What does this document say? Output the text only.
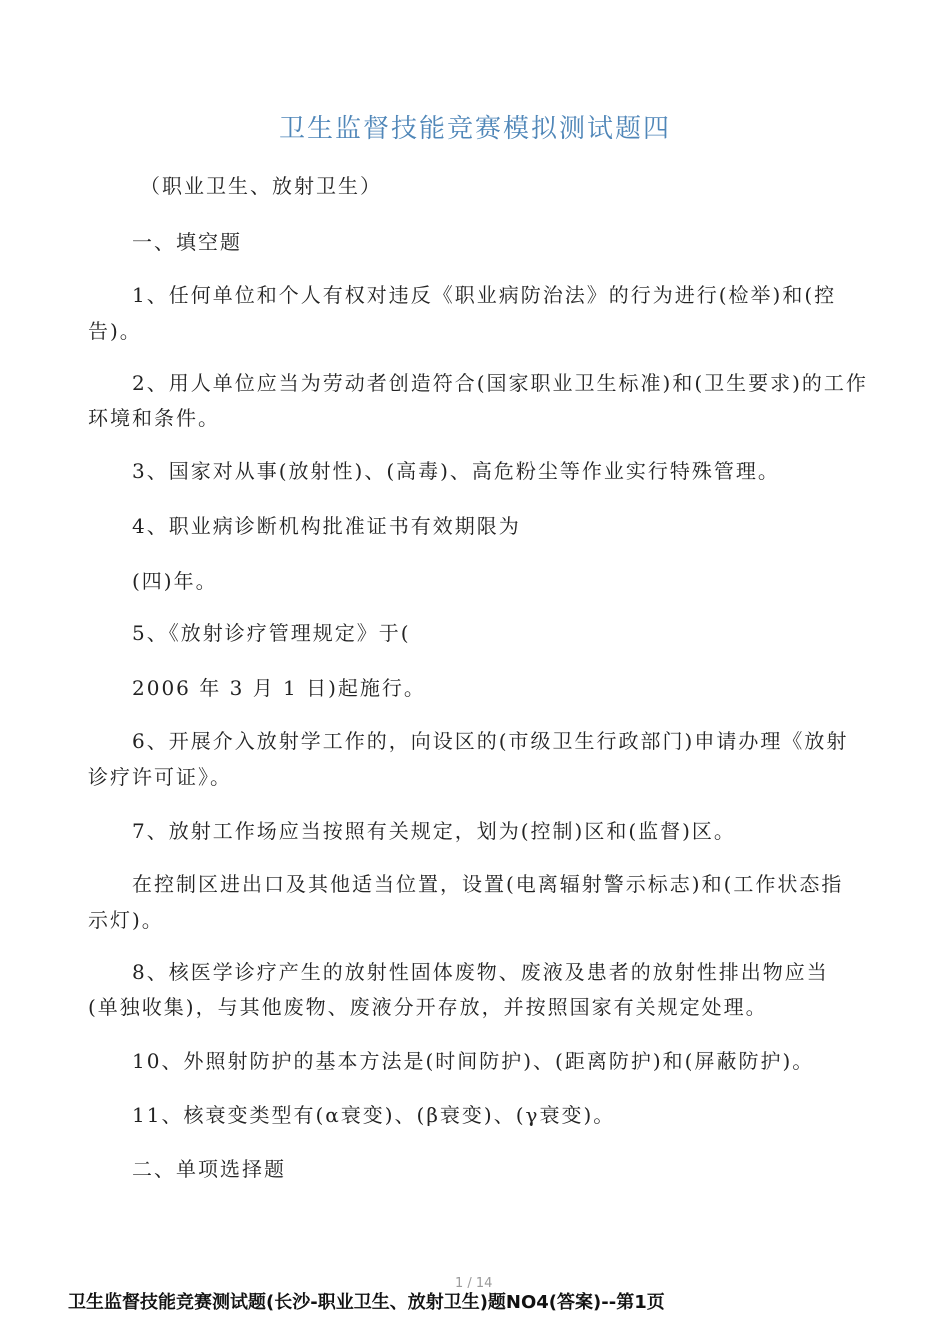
卫生监督技能竞赛模拟测试题四
（职业卫生、放射卫生）
一、填空题
1、任何单位和个人有权对违反《职业病防治法》的行为进行(检举)和(控
告)。
2、用人单位应当为劳动者创造符合(国家职业卫生标准)和(卫生要求)的工作
环境和条件。
3、国家对从事(放射性)、(高毒)、高危粉尘等作业实行特殊管理。
4、职业病诊断机构批准证书有效期限为
(四)年。
5、《放射诊疗管理规定》于(
2006 年 3 月 1 日)起施行。
6、开展介入放射学工作的，向设区的(市级卫生行政部门)申请办理《放射
诊疗许可证》。
7、放射工作场应当按照有关规定，划为(控制)区和(监督)区。
在控制区进出口及其他适当位置，设置(电离辐射警示标志)和(工作状态指
示灯)。
8、核医学诊疗产生的放射性固体废物、废液及患者的放射性排出物应当
(单独收集)，与其他废物、废液分开存放，并按照国家有关规定处理。
10、外照射防护的基本方法是(时间防护)、(距离防护)和(屏蔽防护)。
11、核衰变类型有(α衰变)、(β衰变)、(γ衰变)。
二、单项选择题
1 / 14
卫生监督技能竞赛测试题(长沙-职业卫生、放射卫生)题NO4(答案)--第1页
